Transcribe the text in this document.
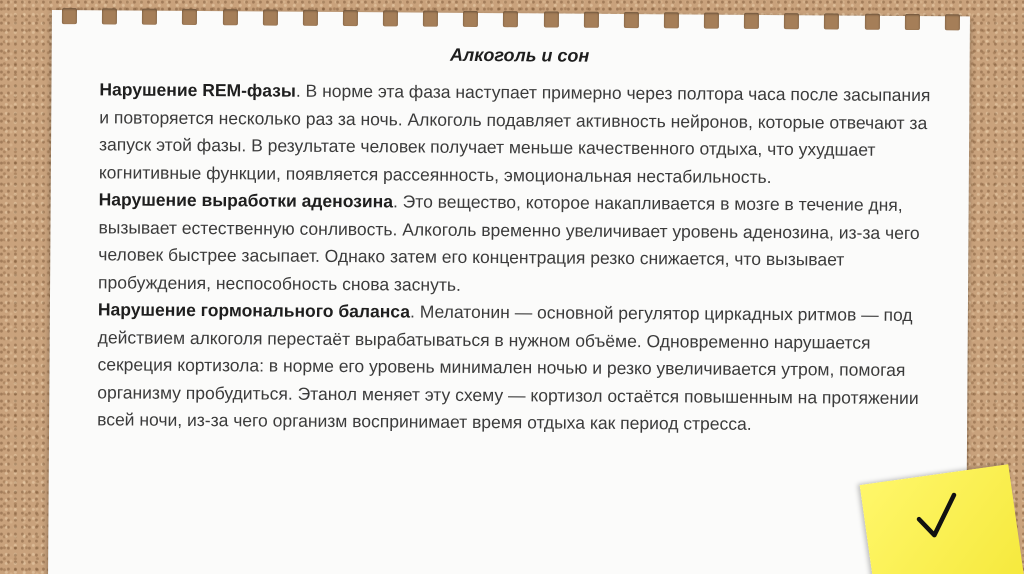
Алкоголь и сон

Нарушение REM-фазы. В норме эта фаза наступает примерно через полтора часа после засыпания и повторяется несколько раз за ночь. Алкоголь подавляет активность нейронов, которые отвечают за запуск этой фазы. В результате человек получает меньше качественного отдыха, что ухудшает когнитивные функции, появляется рассеянность, эмоциональная нестабильность.

Нарушение выработки аденозина. Это вещество, которое накапливается в мозге в течение дня, вызывает естественную сонливость. Алкоголь временно увеличивает уровень аденозина, из-за чего человек быстрее засыпает. Однако затем его концентрация резко снижается, что вызывает пробуждения, неспособность снова заснуть.

Нарушение гормонального баланса. Мелатонин — основной регулятор циркадных ритмов — под действием алкоголя перестаёт вырабатываться в нужном объёме. Одновременно нарушается секреция кортизола: в норме его уровень минимален ночью и резко увеличивается утром, помогая организму пробудиться. Этанол меняет эту схему — кортизол остаётся повышенным на протяжении всей ночи, из-за чего организм воспринимает время отдыха как период стресса.
